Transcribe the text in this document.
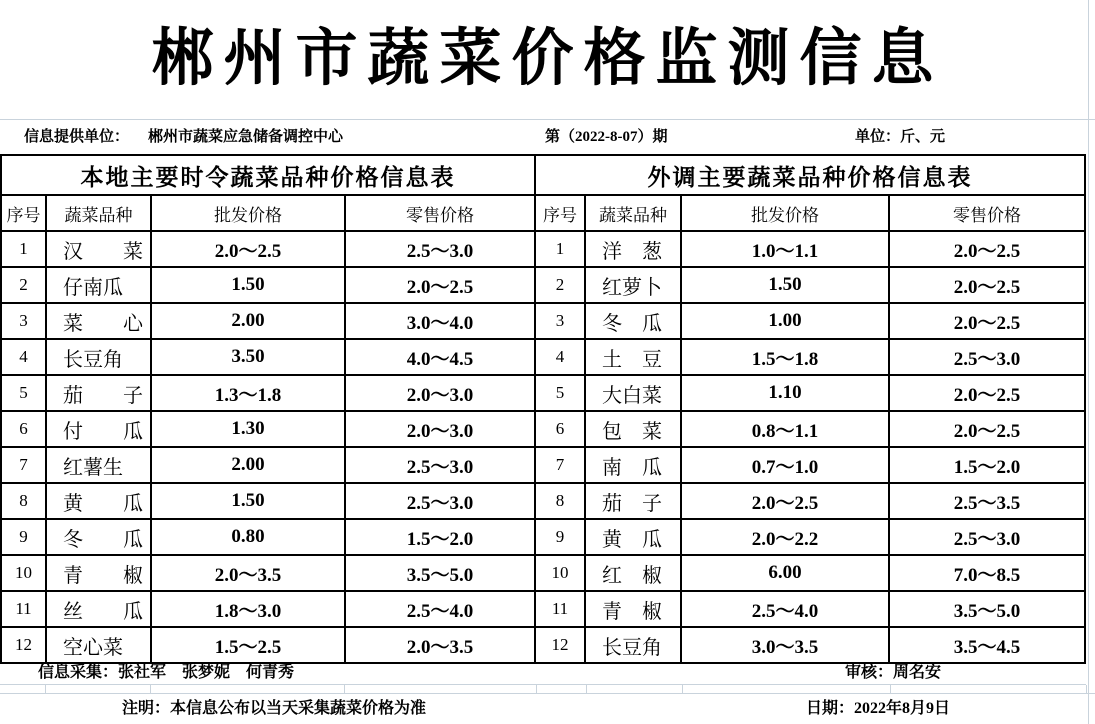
郴州市蔬菜价格监测信息
信息提供单位： 郴州市蔬菜应急储备调控中心	第（2022-8-07）期	单位：斤、元
本地主要时令蔬菜品种价格信息表
序号	蔬菜品种	批发价格	零售价格
1	汉　　菜	2.0～2.5	2.5～3.0
2	仔南瓜	1.50	2.0～2.5
3	菜　　心	2.00	3.0～4.0
4	长豆角	3.50	4.0～4.5
5	茄　　子	1.3～1.8	2.0～3.0
6	付　　瓜	1.30	2.0～3.0
7	红薯生	2.00	2.5～3.0
8	黄　　瓜	1.50	2.5～3.0
9	冬　　瓜	0.80	1.5～2.0
10	青　　椒	2.0～3.5	3.5～5.0
11	丝　　瓜	1.8～3.0	2.5～4.0
12	空心菜	1.5～2.5	2.0～3.5
外调主要蔬菜品种价格信息表
序号	蔬菜品种	批发价格	零售价格
1	洋　葱	1.0～1.1	2.0～2.5
2	红萝卜	1.50	2.0～2.5
3	冬　瓜	1.00	2.0～2.5
4	土　豆	1.5～1.8	2.5～3.0
5	大白菜	1.10	2.0～2.5
6	包　菜	0.8～1.1	2.0～2.5
7	南　瓜	0.7～1.0	1.5～2.0
8	茄　子	2.0～2.5	2.5～3.5
9	黄　瓜	2.0～2.2	2.5～3.0
10	红　椒	6.00	7.0～8.5
11	青　椒	2.5～4.0	3.5～5.0
12	长豆角	3.0～3.5	3.5～4.5
信息采集：张社军　张梦妮　何青秀	审核：周名安
注明：本信息公布以当天采集蔬菜价格为准	日期：2022年8月9日
